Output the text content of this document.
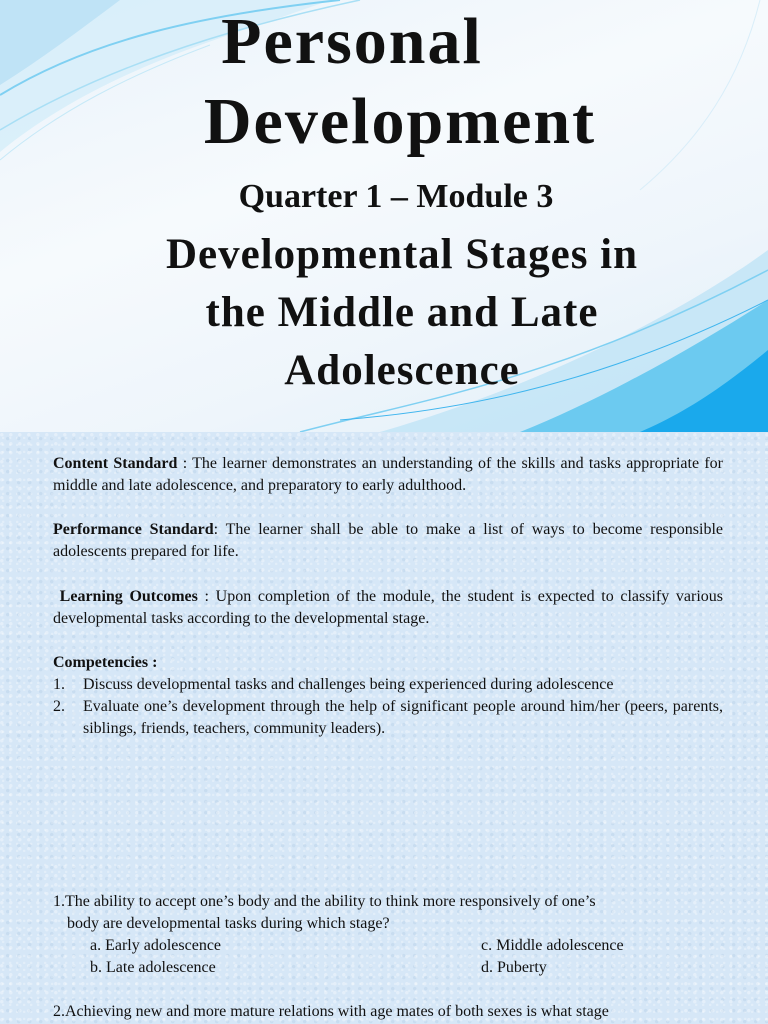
Personal
Development
Quarter 1 – Module 3
Developmental Stages in
the Middle and Late
Adolescence

Content Standard : The learner demonstrates an understanding of the skills and tasks appropriate for middle and late adolescence, and preparatory to early adulthood.

Performance Standard: The learner shall be able to make a list of ways to become responsible adolescents prepared for life.

Learning Outcomes : Upon completion of the module, the student is expected to classify various developmental tasks according to the developmental stage.

Competencies :

1. Discuss developmental tasks and challenges being experienced during adolescence

2. Evaluate one’s development through the help of significant people around him/her (peers, parents, siblings, friends, teachers, community leaders).

1.The ability to accept one’s body and the ability to think more responsively of one’s
body are developmental tasks during which stage?

a. Early adolescence	c. Middle adolescence

b. Late adolescence	d. Puberty

2.Achieving new and more mature relations with age mates of both sexes is what stage
